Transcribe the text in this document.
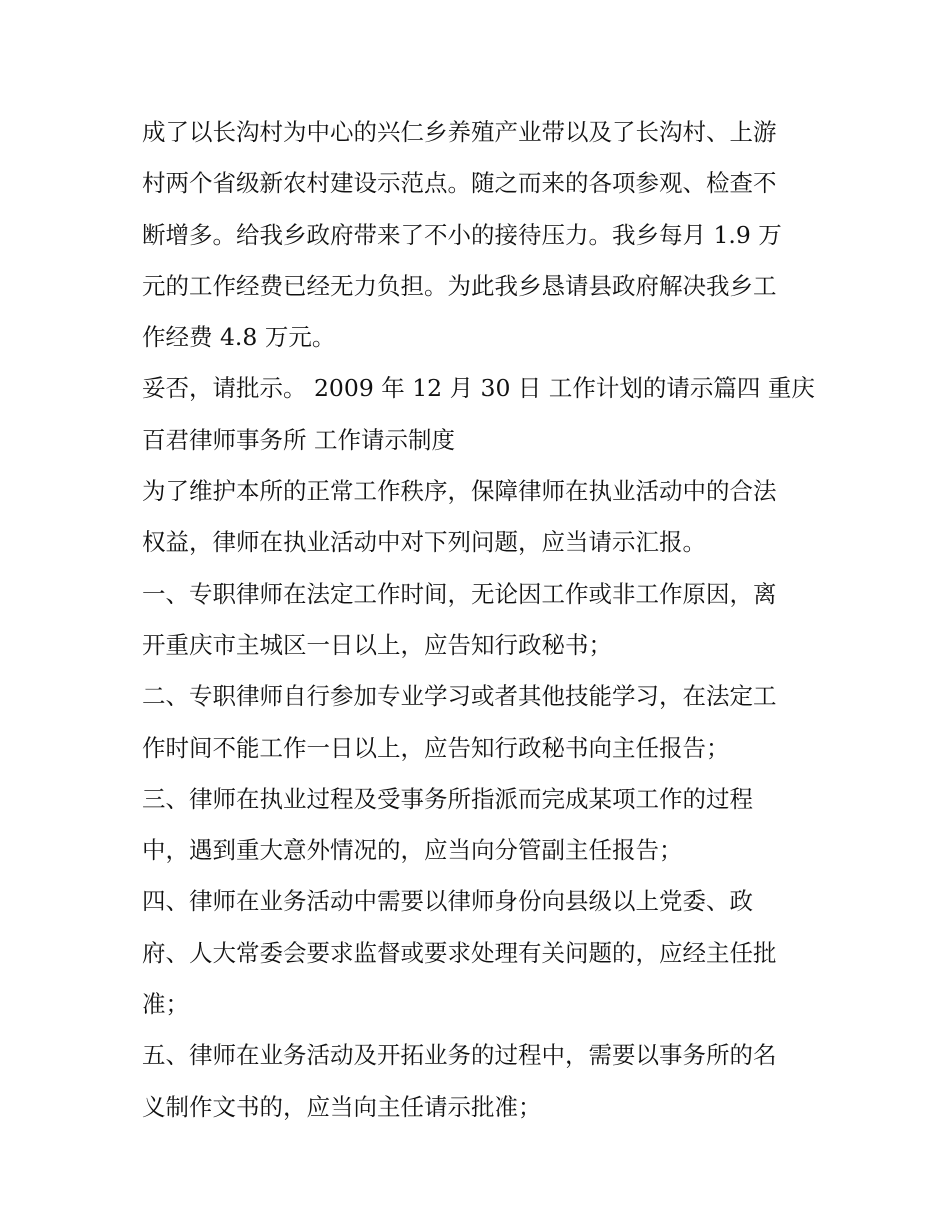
成了以长沟村为中心的兴仁乡养殖产业带以及了长沟村、上游
村两个省级新农村建设示范点。随之而来的各项参观、检查不
断增多。给我乡政府带来了不小的接待压力。我乡每月 1.9 万
元的工作经费已经无力负担。为此我乡恳请县政府解决我乡工
作经费 4.8 万元。
妥否，请批示。 2009 年 12 月 30 日 工作计划的请示篇四 重庆
百君律师事务所 工作请示制度
为了维护本所的正常工作秩序，保障律师在执业活动中的合法
权益，律师在执业活动中对下列问题，应当请示汇报。
一、专职律师在法定工作时间，无论因工作或非工作原因，离
开重庆市主城区一日以上，应告知行政秘书；
二、专职律师自行参加专业学习或者其他技能学习，在法定工
作时间不能工作一日以上，应告知行政秘书向主任报告；
三、律师在执业过程及受事务所指派而完成某项工作的过程
中，遇到重大意外情况的，应当向分管副主任报告；
四、律师在业务活动中需要以律师身份向县级以上党委、政
府、人大常委会要求监督或要求处理有关问题的，应经主任批
准；
五、律师在业务活动及开拓业务的过程中，需要以事务所的名
义制作文书的，应当向主任请示批准；
